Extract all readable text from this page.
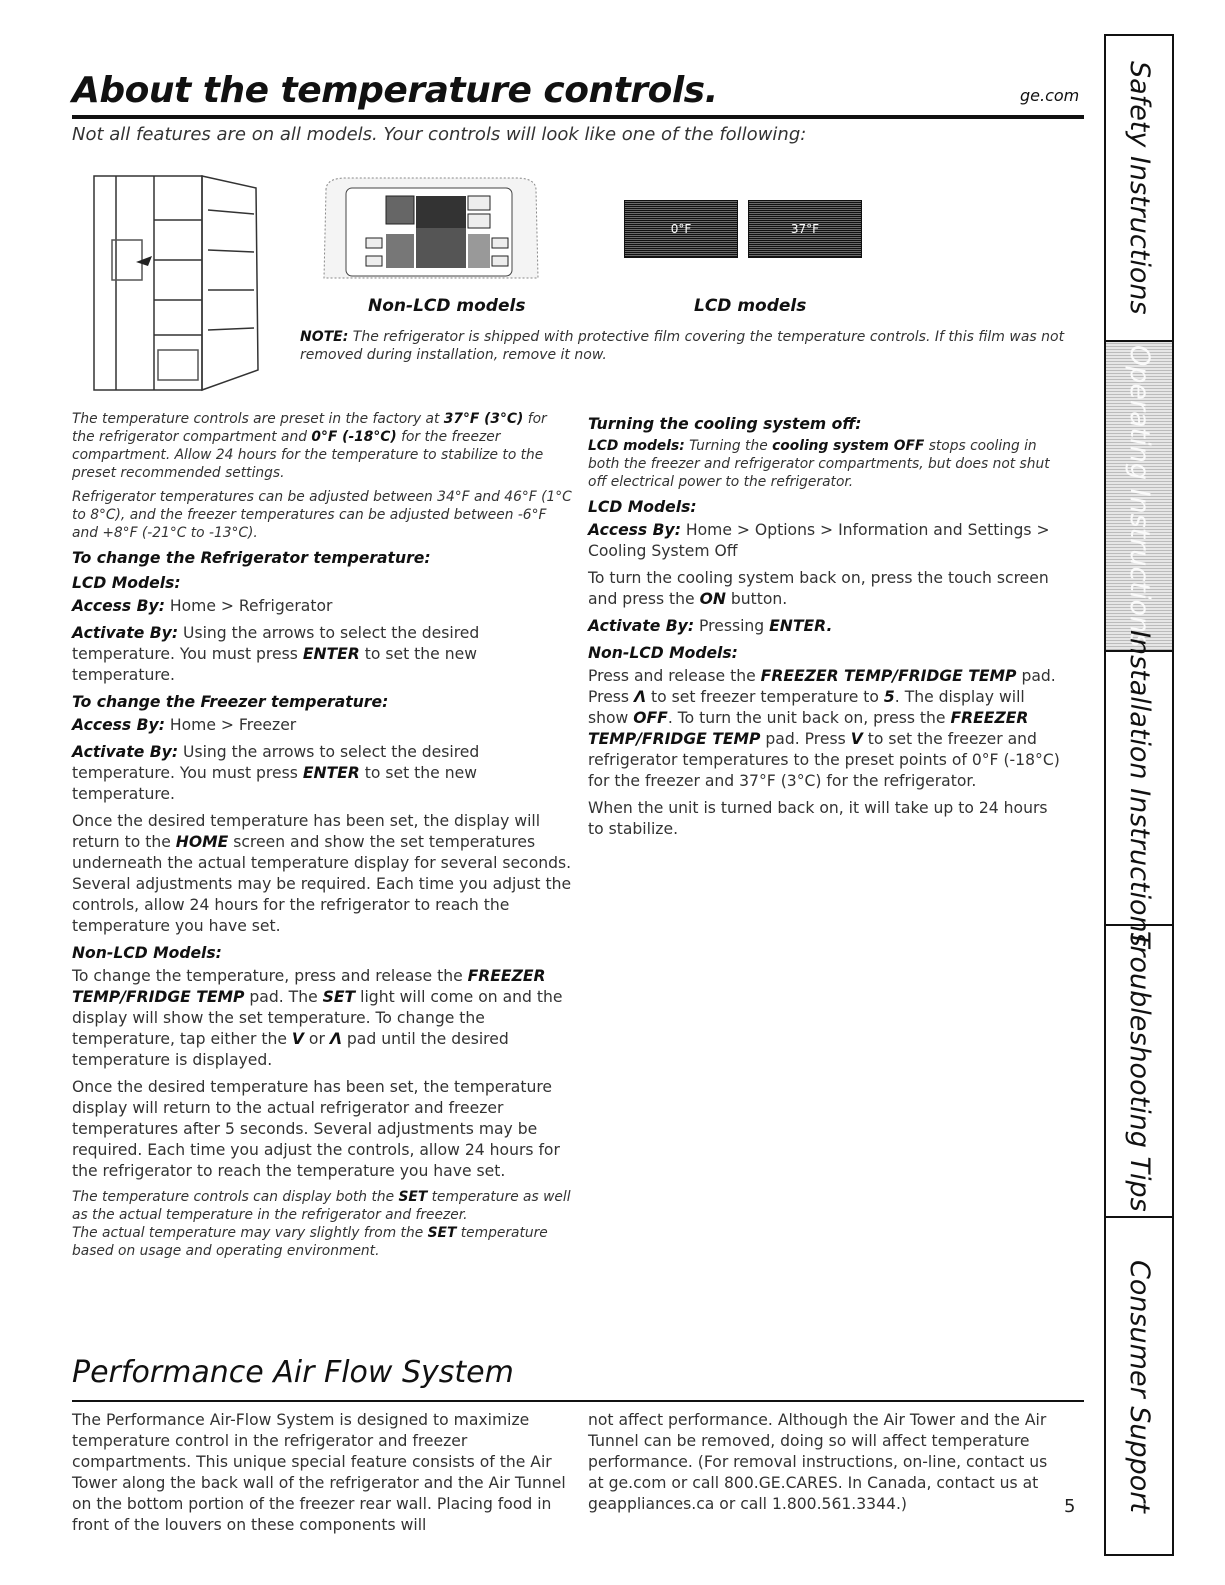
About the temperature controls.	ge.com
Not all features are on all models. Your controls will look like one of the following:
0°F	37°F
Non-LCD models	LCD models
NOTE: The refrigerator is shipped with protective film covering the temperature controls. If this film was not removed during installation, remove it now.

The temperature controls are preset in the factory at 37°F (3°C) for the refrigerator compartment and 0°F (-18°C) for the freezer compartment. Allow 24 hours for the temperature to stabilize to the preset recommended settings.

Refrigerator temperatures can be adjusted between 34°F and 46°F (1°C to 8°C), and the freezer temperatures can be adjusted between -6°F and +8°F (-21°C to -13°C).

To change the Refrigerator temperature:

LCD Models:

Access By: Home > Refrigerator

Activate By: Using the arrows to select the desired temperature. You must press ENTER to set the new temperature.

To change the Freezer temperature:

Access By: Home > Freezer

Activate By: Using the arrows to select the desired temperature. You must press ENTER to set the new temperature.

Once the desired temperature has been set, the display will return to the HOME screen and show the set temperatures underneath the actual temperature display for several seconds. Several adjustments may be required. Each time you adjust the controls, allow 24 hours for the refrigerator to reach the temperature you have set.

Non-LCD Models:

To change the temperature, press and release the FREEZER TEMP/FRIDGE TEMP pad. The SET light will come on and the display will show the set temperature. To change the temperature, tap either the V or Λ pad until the desired temperature is displayed.

Once the desired temperature has been set, the temperature display will return to the actual refrigerator and freezer temperatures after 5 seconds. Several adjustments may be required. Each time you adjust the controls, allow 24 hours for the refrigerator to reach the temperature you have set.

The temperature controls can display both the SET temperature as well as the actual temperature in the refrigerator and freezer.

The actual temperature may vary slightly from the SET temperature based on usage and operating environment.

Turning the cooling system off:

LCD models: Turning the cooling system OFF stops cooling in both the freezer and refrigerator compartments, but does not shut off electrical power to the refrigerator.

LCD Models:

Access By: Home > Options > Information and Settings > Cooling System Off

To turn the cooling system back on, press the touch screen and press the ON button.

Activate By: Pressing ENTER.

Non-LCD Models:

Press and release the FREEZER TEMP/FRIDGE TEMP pad. Press Λ to set freezer temperature to 5. The display will show OFF. To turn the unit back on, press the FREEZER TEMP/FRIDGE TEMP pad. Press V to set the freezer and refrigerator temperatures to the preset points of 0°F (-18°C) for the freezer and 37°F (3°C) for the refrigerator.

When the unit is turned back on, it will take up to 24 hours to stabilize.

Performance Air Flow System
The Performance Air-Flow System is designed to maximize temperature control in the refrigerator and freezer compartments. This unique special feature consists of the Air Tower along the back wall of the refrigerator and the Air Tunnel on the bottom portion of the freezer rear wall. Placing food in front of the louvers on these components will
not affect performance. Although the Air Tower and the Air Tunnel can be removed, doing so will affect temperature performance. (For removal instructions, on-line, contact us at ge.com or call 800.GE.CARES. In Canada, contact us at geappliances.ca or call 1.800.561.3344.)	5
Safety Instructions
Operating Instructions
Installation Instructions
Troubleshooting Tips
Consumer Support
